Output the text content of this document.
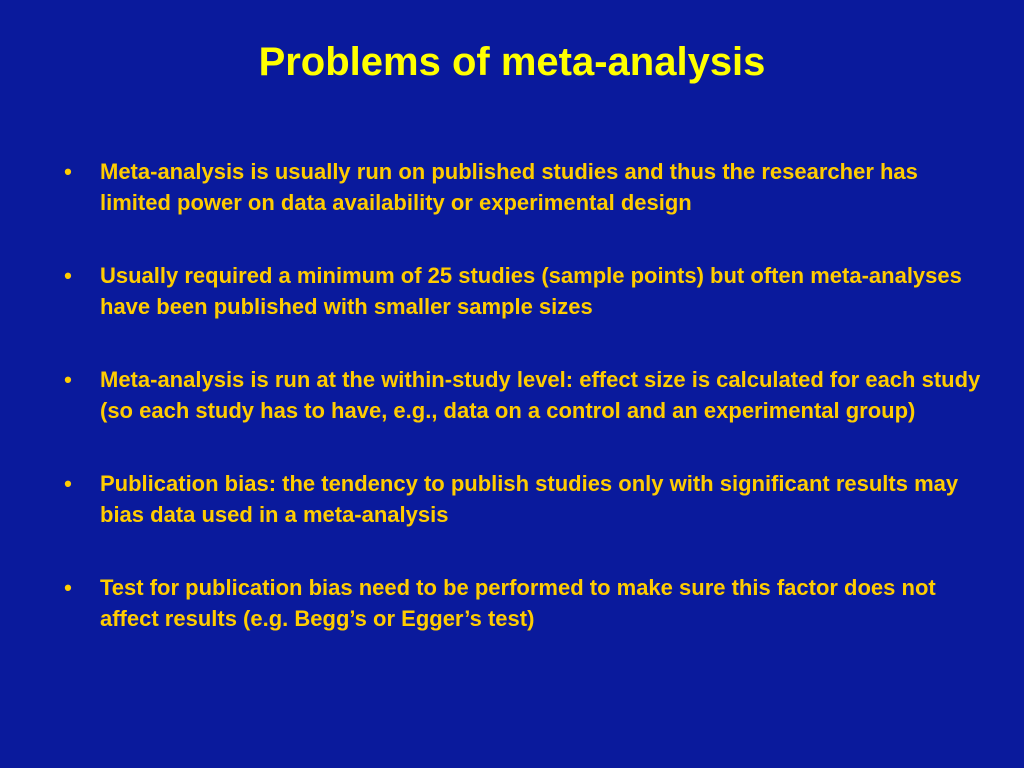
Problems of meta-analysis
• Meta-analysis is usually run on published studies and thus the researcher has limited power on data availability or experimental design
• Usually required a minimum of 25 studies (sample points) but often meta-analyses have been published with smaller sample sizes
• Meta-analysis is run at the within-study level: effect size is calculated for each study (so each study has to have, e.g., data on a control and an experimental group)
• Publication bias: the tendency to publish studies only with significant results may bias data used in a meta-analysis
• Test for publication bias need to be performed to make sure this factor does not affect results (e.g. Begg’s or Egger’s test)
